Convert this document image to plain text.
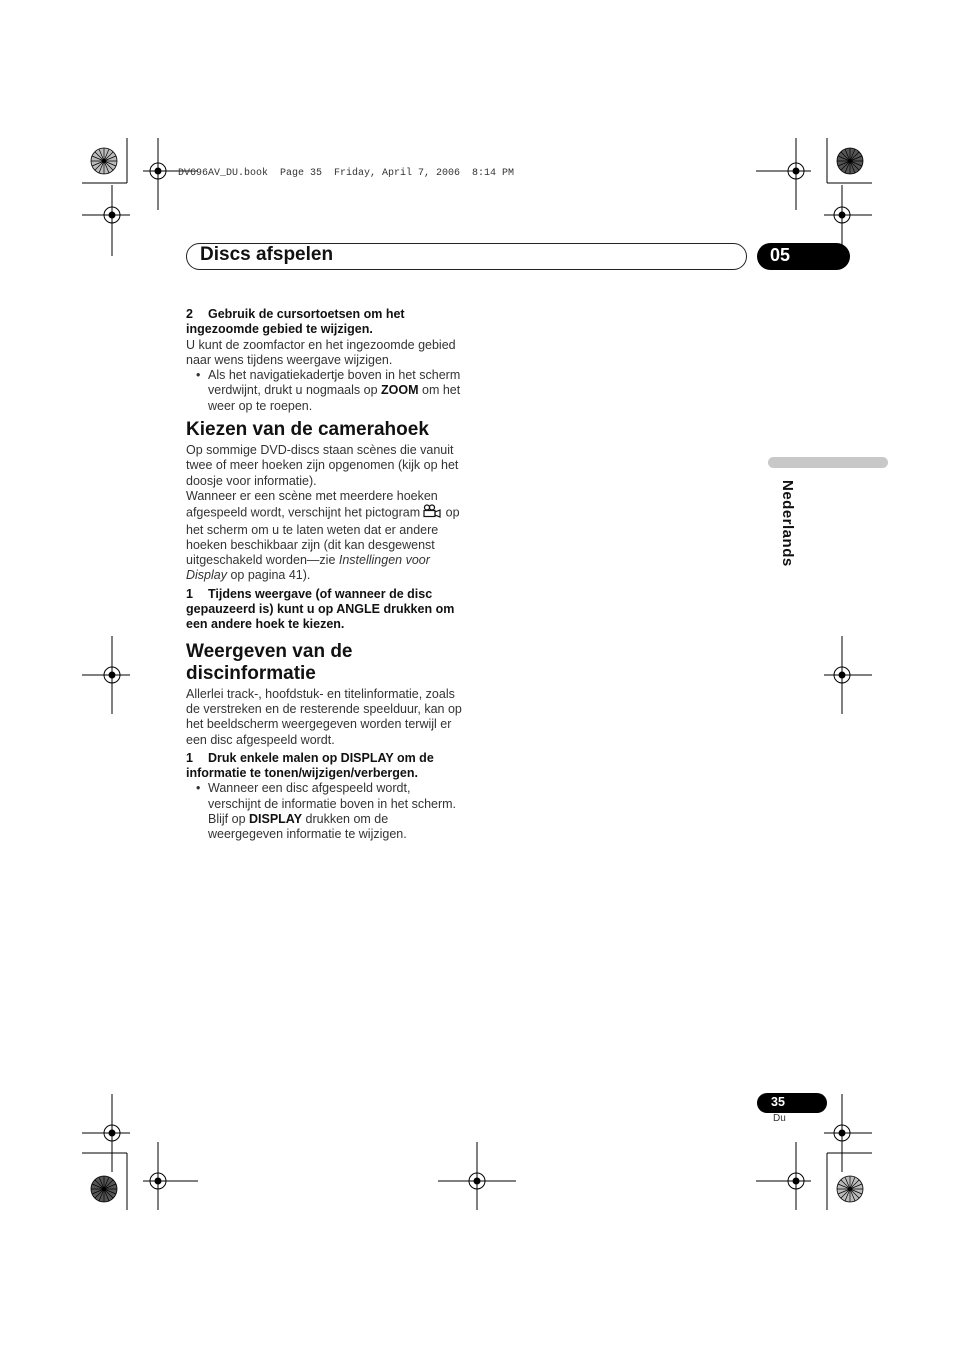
DV696AV_DU.book  Page 35  Friday, April 7, 2006  8:14 PM
Discs afspelen	05
Nederlands

2 Gebruik de cursortoetsen om het ingezoomde gebied te wijzigen.

U kunt de zoomfactor en het ingezoomde gebied naar wens tijdens weergave wijzigen.

• Als het navigatiekadertje boven in het scherm verdwijnt, drukt u nogmaals op ZOOM om het weer op te roepen.

Kiezen van de camerahoek

Op sommige DVD-discs staan scènes die vanuit twee of meer hoeken zijn opgenomen (kijk op het doosje voor informatie).

Wanneer er een scène met meerdere hoeken afgespeeld wordt, verschijnt het pictogram op het scherm om u te laten weten dat er andere hoeken beschikbaar zijn (dit kan desgewenst uitgeschakeld worden—zie Instellingen voor Display op pagina 41).

1 Tijdens weergave (of wanneer de disc gepauzeerd is) kunt u op ANGLE drukken om een andere hoek te kiezen.

Weergeven van de discinformatie

Allerlei track-, hoofdstuk- en titelinformatie, zoals de verstreken en de resterende speelduur, kan op het beeldscherm weergegeven worden terwijl er een disc afgespeeld wordt.

1 Druk enkele malen op DISPLAY om de informatie te tonen/wijzigen/verbergen.

• Wanneer een disc afgespeeld wordt, verschijnt de informatie boven in het scherm. Blijf op DISPLAY drukken om de weergegeven informatie te wijzigen.

35
Du
